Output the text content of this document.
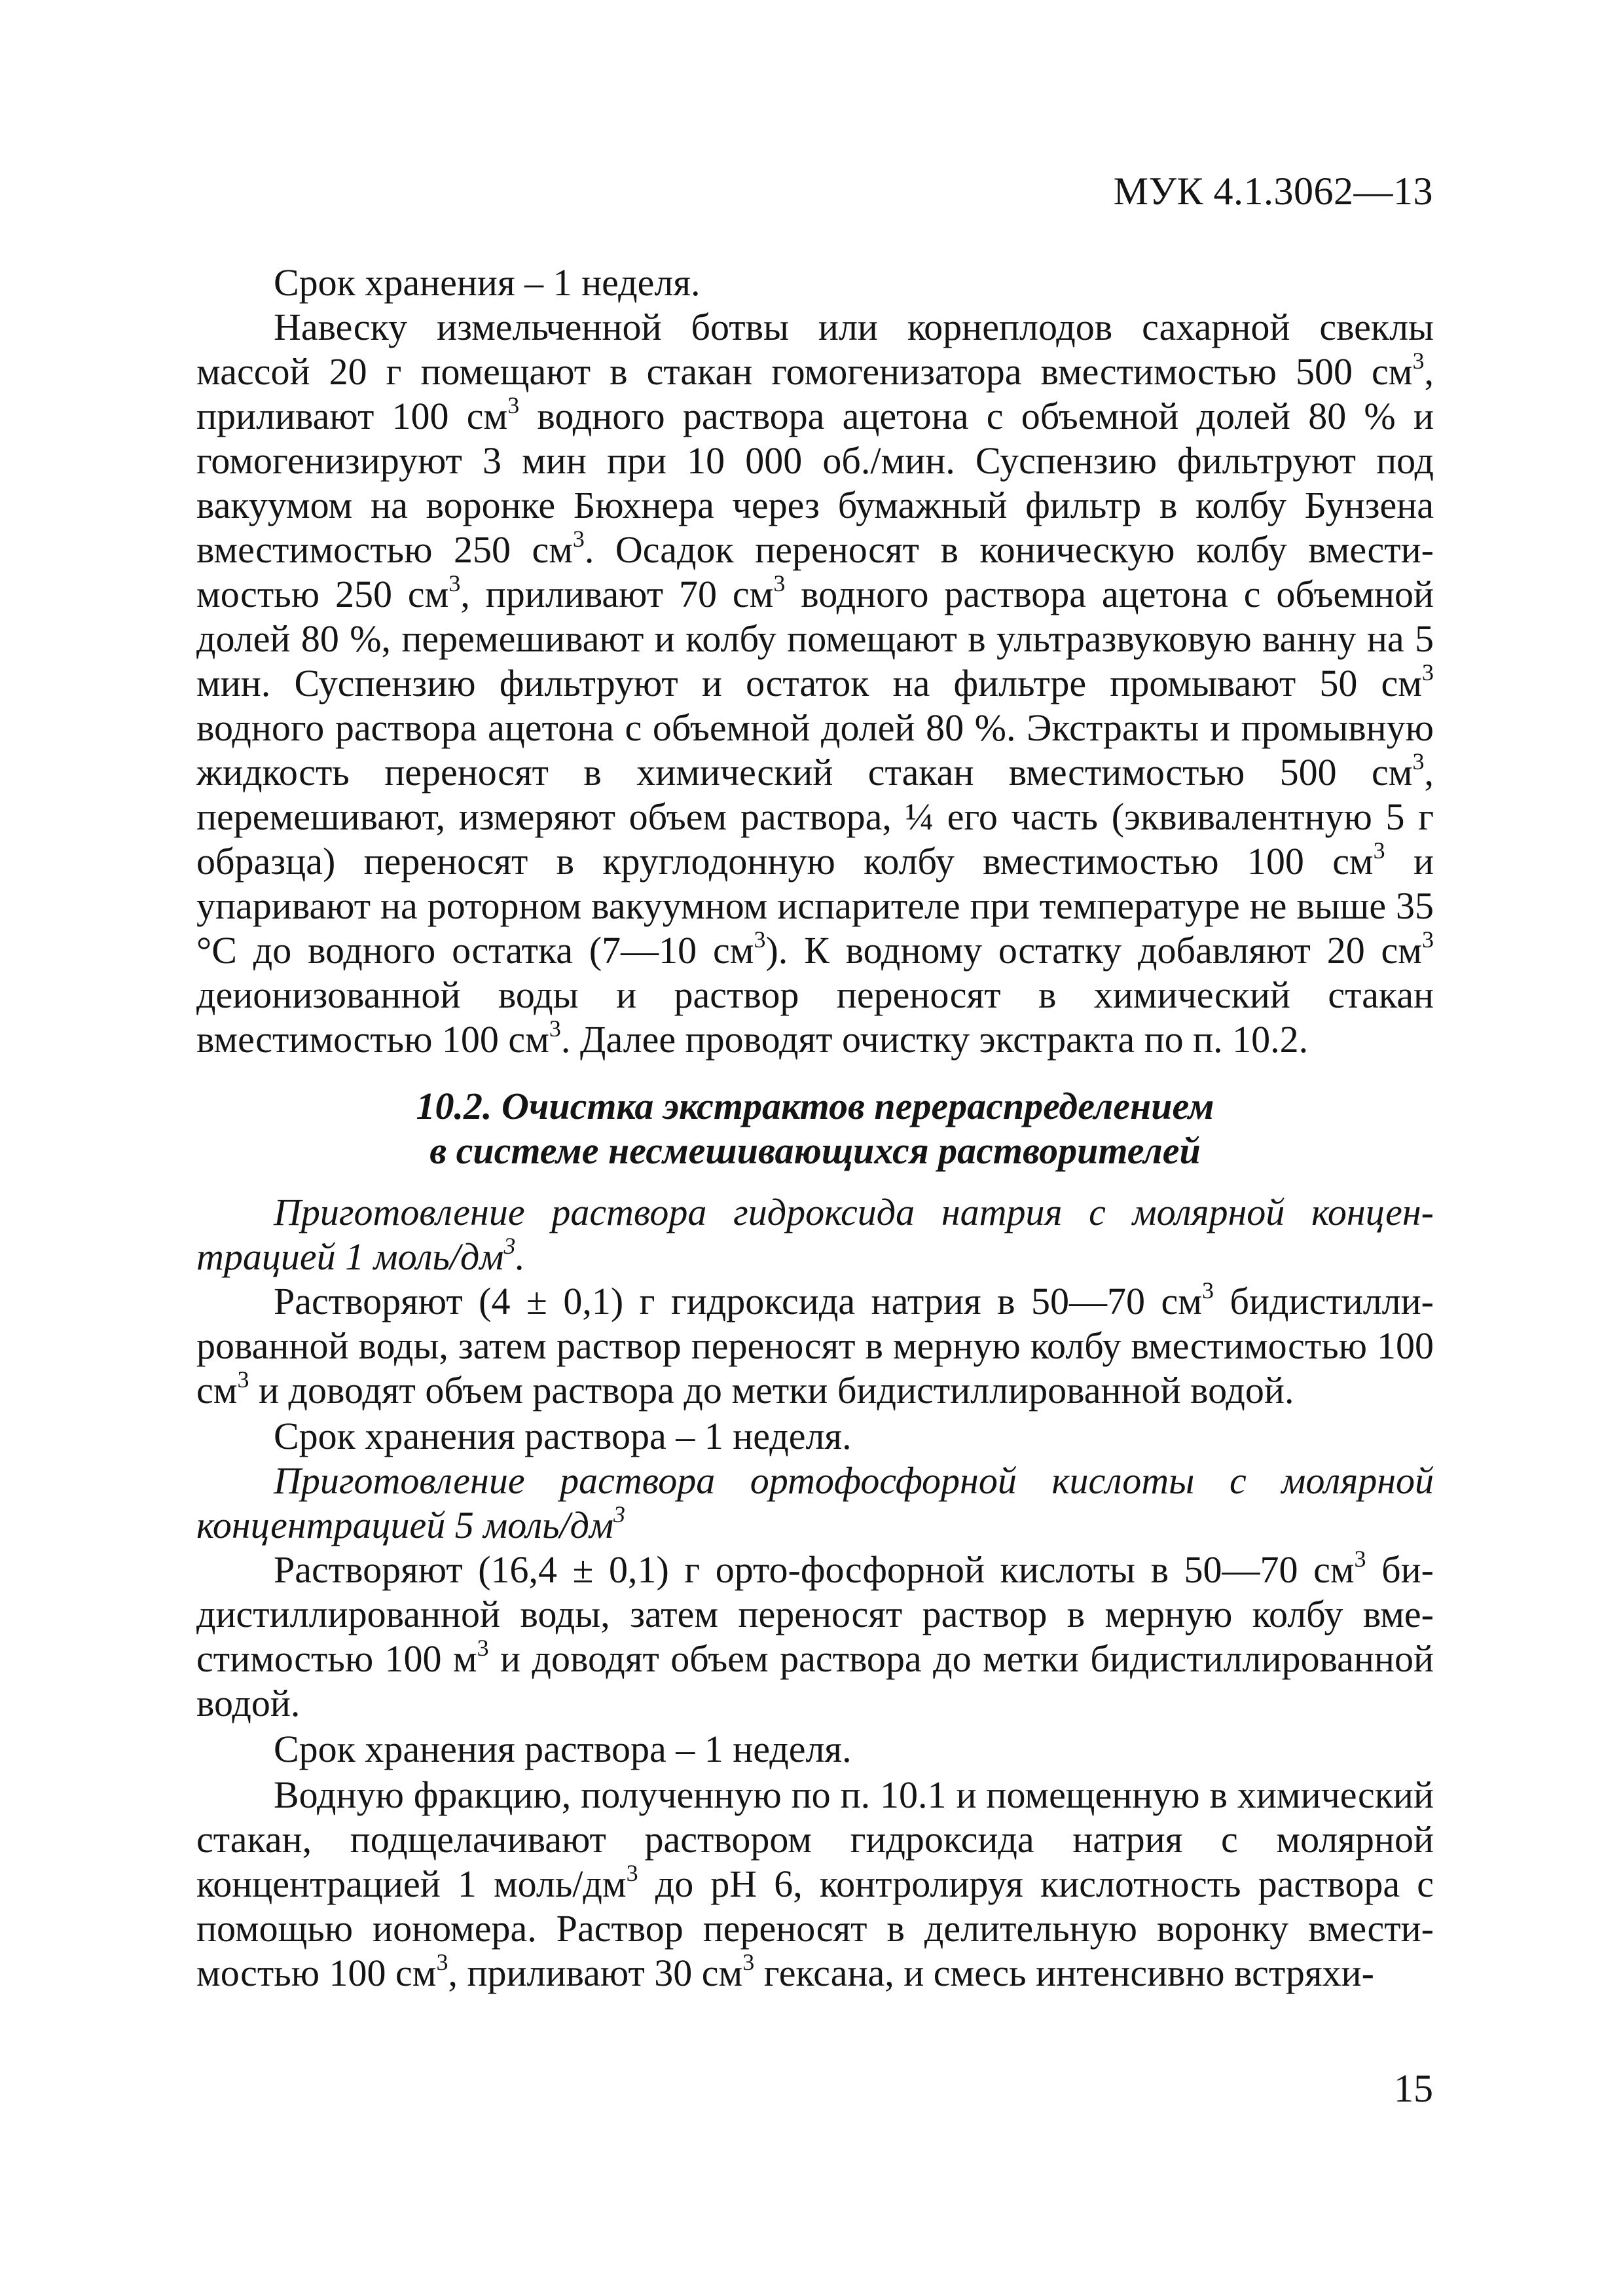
МУК 4.1.3062—13

Срок хранения – 1 неделя.

Навеску измельченной ботвы или корнеплодов сахарной свеклы массой 20 г помещают в стакан гомогенизатора вместимостью 500 $см^3$, приливают 100 $см^3$ водного раствора ацетона с объемной долей 80 % и гомогенизируют 3 мин при 10 000 об./мин. Суспензию фильтруют под вакуумом на воронке Бюхнера через бумажный фильтр в колбу Бунзена вместимостью 250 $см^3$. Осадок переносят в коническую колбу вместимостью 250 $см^3$, приливают 70 $см^3$ водного раствора ацетона с объемной долей 80 %, перемешивают и колбу помещают в ультразвуковую ванну на 5 мин. Суспензию фильтруют и остаток на фильтре промывают 50 $см^3$ водного раствора ацетона с объемной долей 80 %. Экстракты и промывную жидкость переносят в химический стакан вместимостью 500 $см^3$, перемешивают, измеряют объем раствора, ¼ его часть (эквивалентную 5 г образца) переносят в круглодонную колбу вместимостью 100 $см^3$ и упаривают на роторном вакуумном испарителе при температуре не выше 35 °С до водного остатка (7—10 $см^3$). К водному остатку добавляют 20 $см^3$ деионизованной воды и раствор переносят в химический стакан вместимостью 100 $см^3$. Далее проводят очистку экстракта по п. 10.2.

10.2. Очистка экстрактов перераспределением
в системе несмешивающихся растворителей

Приготовление раствора гидроксида натрия с молярной концентрацией 1 моль/$дм^3$.

Растворяют (4 ± 0,1) г гидроксида натрия в 50—70 $см^3$ бидистиллированной воды, затем раствор переносят в мерную колбу вместимостью 100 $см^3$ и доводят объем раствора до метки бидистиллированной водой.

Срок хранения раствора – 1 неделя.

Приготовление раствора ортофосфорной кислоты с молярной концентрацией 5 моль/$дм^3$

Растворяют (16,4 ± 0,1) г орто-фосфорной кислоты в 50—70 $см^3$ бидистиллированной воды, затем переносят раствор в мерную колбу вместимостью 100 $м^3$ и доводят объем раствора до метки бидистиллированной водой.

Срок хранения раствора – 1 неделя.

Водную фракцию, полученную по п. 10.1 и помещенную в химический стакан, подщелачивают раствором гидроксида натрия с молярной концентрацией 1 моль/$дм^3$ до рН 6, контролируя кислотность раствора с помощью иономера. Раствор переносят в делительную воронку вместимостью 100 $см^3$, приливают 30 $см^3$ гексана, и смесь интенсивно встряхи-

15
